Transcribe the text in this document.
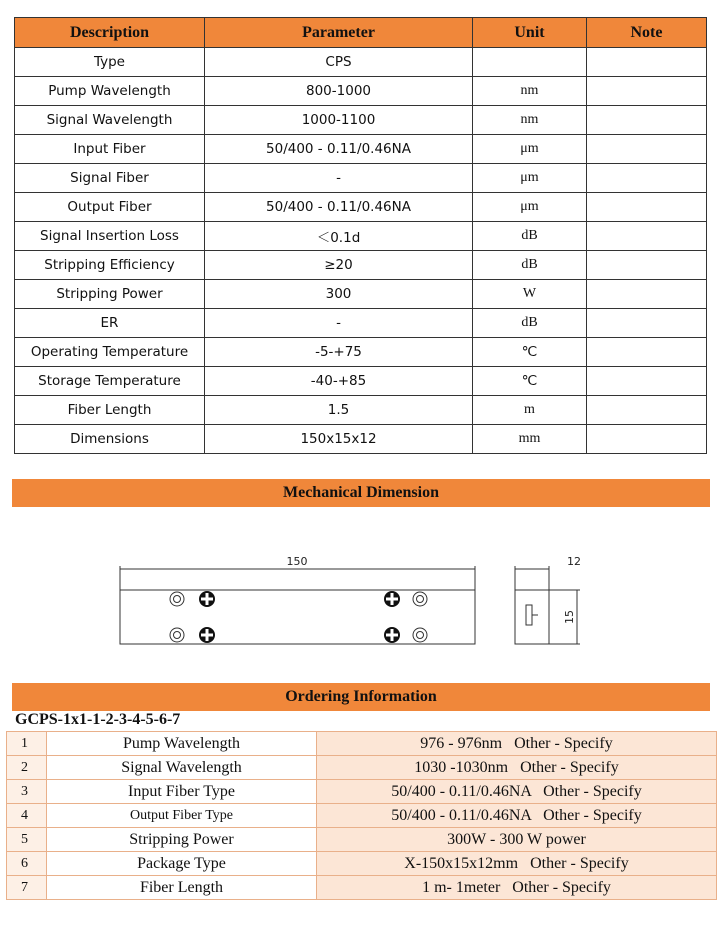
Description	Parameter	Unit	Note
Type	CPS		
Pump Wavelength	800-1000	nm	
Signal Wavelength	1000-1100	nm	
Input Fiber	50/400 - 0.11/0.46NA	μm	
Signal Fiber	-	μm	
Output Fiber	50/400 - 0.11/0.46NA	μm	
Signal Insertion Loss	＜0.1d	dB	
Stripping Efficiency	≥20	dB	
Stripping Power	300	W	
ER	-	dB	
Operating Temperature	-5-+75	℃	
Storage Temperature	-40-+85	℃	
Fiber Length	1.5	m	
Dimensions	150x15x12	mm	
Mechanical Dimension
150	12
15
Ordering Information
GCPS-1x1-1-2-3-4-5-6-7
1	Pump Wavelength	976 - 976nm   Other - Specify
2	Signal Wavelength	1030 -1030nm   Other - Specify
3	Input Fiber Type	50/400 - 0.11/0.46NA   Other - Specify
4	Output Fiber Type	50/400 - 0.11/0.46NA   Other - Specify
5	Stripping Power	300W - 300 W power
6	Package Type	X-150x15x12mm   Other - Specify
7	Fiber Length	1 m- 1meter   Other - Specify
